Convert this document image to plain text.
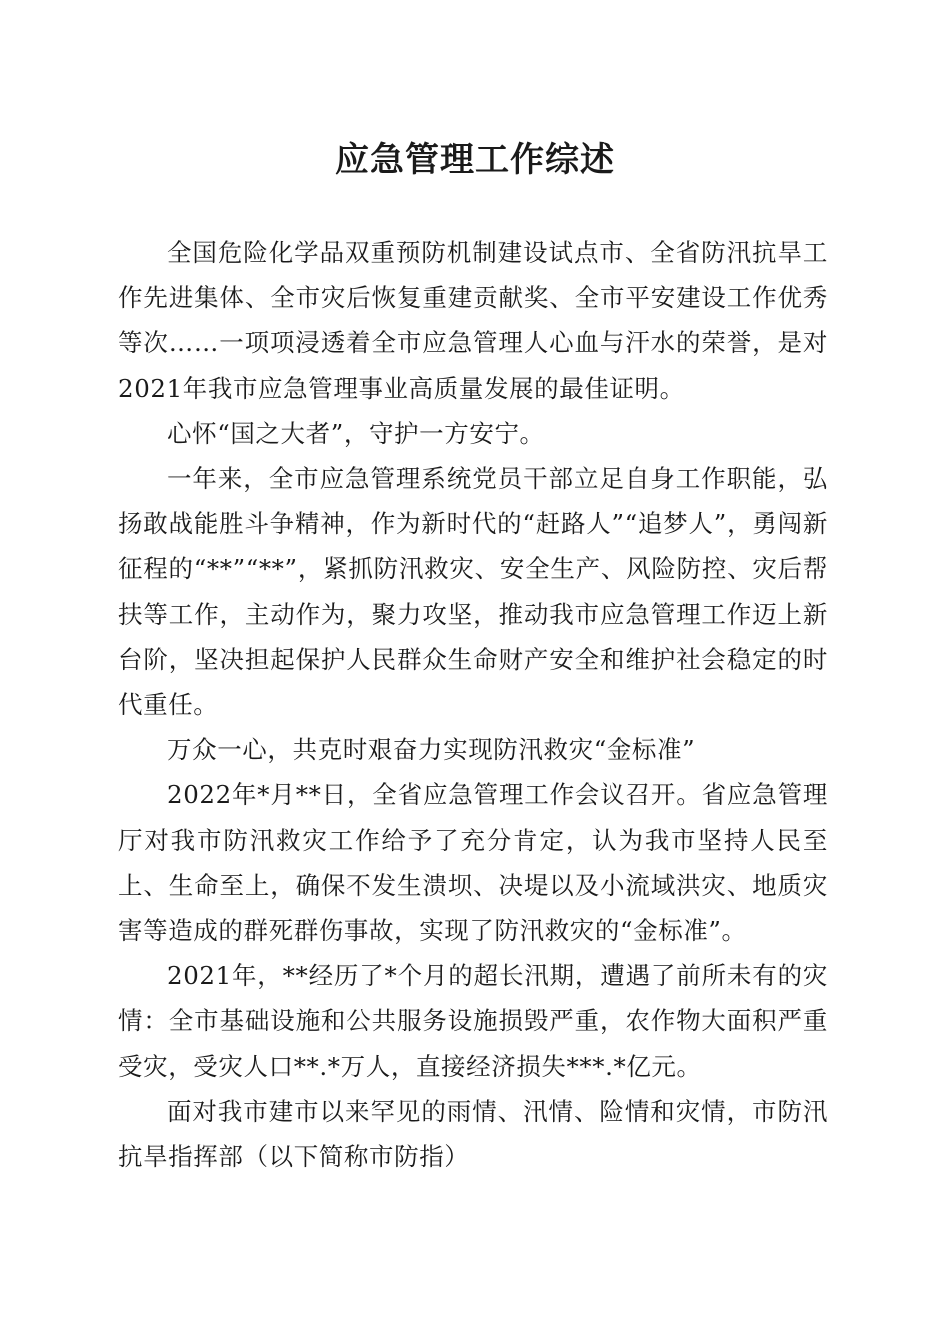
应急管理工作综述

全国危险化学品双重预防机制建设试点市、全省防汛抗旱工作先进集体、全市灾后恢复重建贡献奖、全市平安建设工作优秀等次……一项项浸透着全市应急管理人心血与汗水的荣誉，是对2021年我市应急管理事业高质量发展的最佳证明。

心怀“国之大者”，守护一方安宁。

一年来，全市应急管理系统党员干部立足自身工作职能，弘扬敢战能胜斗争精神，作为新时代的“赶路人”“追梦人”，勇闯新征程的“**”“**”，紧抓防汛救灾、安全生产、风险防控、灾后帮扶等工作，主动作为，聚力攻坚，推动我市应急管理工作迈上新台阶，坚决担起保护人民群众生命财产安全和维护社会稳定的时代重任。

万众一心，共克时艰奋力实现防汛救灾“金标准”

2022年*月**日，全省应急管理工作会议召开。省应急管理厅对我市防汛救灾工作给予了充分肯定，认为我市坚持人民至上、生命至上，确保不发生溃坝、决堤以及小流域洪灾、地质灾害等造成的群死群伤事故，实现了防汛救灾的“金标准”。

2021年，**经历了*个月的超长汛期，遭遇了前所未有的灾情：全市基础设施和公共服务设施损毁严重，农作物大面积严重受灾，受灾人口**.*万人，直接经济损失***.*亿元。

面对我市建市以来罕见的雨情、汛情、险情和灾情，市防汛抗旱指挥部（以下简称市防指）
